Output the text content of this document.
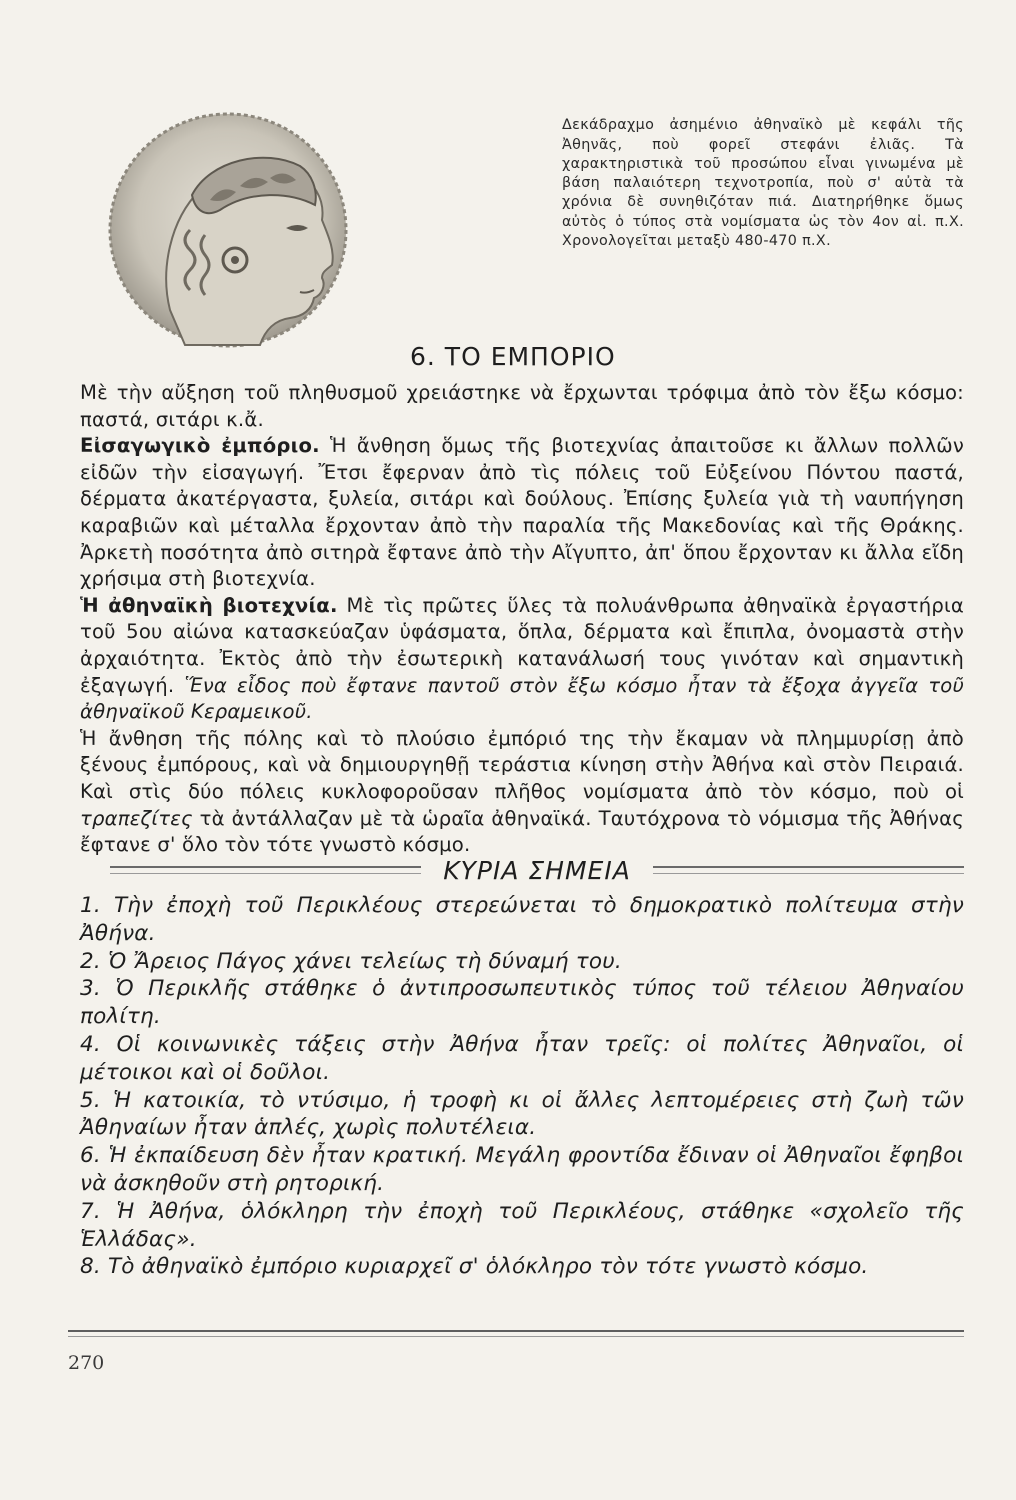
Δεκάδραχμο ἀσημένιο ἀθηναϊκὸ μὲ κεφάλι τῆς Ἀθηνᾶς, ποὺ φορεῖ στεφάνι ἐλιᾶς. Τὰ χαρακτηριστικὰ τοῦ προσώπου εἶναι γινωμένα μὲ βάση παλαιότερη τεχνοτροπία, ποὺ σ' αὐτὰ τὰ χρόνια δὲ συνηθιζόταν πιά. Διατηρήθηκε ὅμως αὐτὸς ὁ τύπος στὰ νομίσματα ὡς τὸν 4ον αἰ. π.Χ. Χρονολογεῖται μεταξὺ 480-470 π.Χ.

6. ΤΟ ΕΜΠΟΡΙΟ

Μὲ τὴν αὔξηση τοῦ πληθυσμοῦ χρειάστηκε νὰ ἔρχωνται τρόφιμα ἀπὸ τὸν ἔξω κόσμο: παστά, σιτάρι κ.ἄ.

Εἰσαγωγικὸ ἐμπόριο. Ἡ ἄνθηση ὅμως τῆς βιοτεχνίας ἀπαιτοῦσε κι ἄλλων πολλῶν εἰδῶν τὴν εἰσαγωγή. Ἔτσι ἔφερναν ἀπὸ τὶς πόλεις τοῦ Εὐξείνου Πόντου παστά, δέρματα ἀκατέργαστα, ξυλεία, σιτάρι καὶ δούλους. Ἐπίσης ξυλεία γιὰ τὴ ναυπήγηση καραβιῶν καὶ μέταλλα ἔρχονταν ἀπὸ τὴν παραλία τῆς Μακεδονίας καὶ τῆς Θράκης. Ἀρκετὴ ποσότητα ἀπὸ σιτηρὰ ἔφτανε ἀπὸ τὴν Αἴγυπτο, ἀπ' ὅπου ἔρχονταν κι ἄλλα εἴδη χρήσιμα στὴ βιοτεχνία.

Ἡ ἀθηναϊκὴ βιοτεχνία. Μὲ τὶς πρῶτες ὕλες τὰ πολυάνθρωπα ἀθηναϊκὰ ἐργαστήρια τοῦ 5ου αἰώνα κατασκεύαζαν ὑφάσματα, ὅπλα, δέρματα καὶ ἔπιπλα, ὀνομαστὰ στὴν ἀρχαιότητα. Ἐκτὸς ἀπὸ τὴν ἐσωτερικὴ κατανάλωσή τους γινόταν καὶ σημαντικὴ ἐξαγωγή. Ἕνα εἶδος ποὺ ἔφτανε παντοῦ στὸν ἔξω κόσμο ἦταν τὰ ἔξοχα ἀγγεῖα τοῦ ἀθηναϊκοῦ Κεραμεικοῦ.

Ἡ ἄνθηση τῆς πόλης καὶ τὸ πλούσιο ἐμπόριό της τὴν ἔκαμαν νὰ πλημμυρίσῃ ἀπὸ ξένους ἐμπόρους, καὶ νὰ δημιουργηθῇ τεράστια κίνηση στὴν Ἀθήνα καὶ στὸν Πειραιά. Καὶ στὶς δύο πόλεις κυκλοφοροῦσαν πλῆθος νομίσματα ἀπὸ τὸν κόσμο, ποὺ οἱ τραπεζίτες τὰ ἀντάλλαζαν μὲ τὰ ὡραῖα ἀθηναϊκά. Ταυτόχρονα τὸ νόμισμα τῆς Ἀθήνας ἔφτανε σ' ὅλο τὸν τότε γνωστὸ κόσμο.

ΚΥΡΙΑ ΣΗΜΕΙΑ
1. Τὴν ἐποχὴ τοῦ Περικλέους στερεώνεται τὸ δημοκρατικὸ πολίτευμα στὴν Ἀθήνα.
2. Ὁ Ἄρειος Πάγος χάνει τελείως τὴ δύναμή του.
3. Ὁ Περικλῆς στάθηκε ὁ ἀντιπροσωπευτικὸς τύπος τοῦ τέλειου Ἀθηναίου πολίτη.
4. Οἱ κοινωνικὲς τάξεις στὴν Ἀθήνα ἦταν τρεῖς: οἱ πολίτες Ἀθηναῖοι, οἱ μέτοικοι καὶ οἱ δοῦλοι.
5. Ἡ κατοικία, τὸ ντύσιμο, ἡ τροφὴ κι οἱ ἄλλες λεπτομέρειες στὴ ζωὴ τῶν Ἀθηναίων ἦταν ἁπλές, χωρὶς πολυτέλεια.
6. Ἡ ἐκπαίδευση δὲν ἦταν κρατική. Μεγάλη φροντίδα ἔδιναν οἱ Ἀθηναῖοι ἔφηβοι νὰ ἀσκηθοῦν στὴ ρητορική.
7. Ἡ Ἀθήνα, ὁλόκληρη τὴν ἐποχὴ τοῦ Περικλέους, στάθηκε «σχολεῖο τῆς Ἑλλάδας».
8. Τὸ ἀθηναϊκὸ ἐμπόριο κυριαρχεῖ σ' ὁλόκληρο τὸν τότε γνωστὸ κόσμο.
270
